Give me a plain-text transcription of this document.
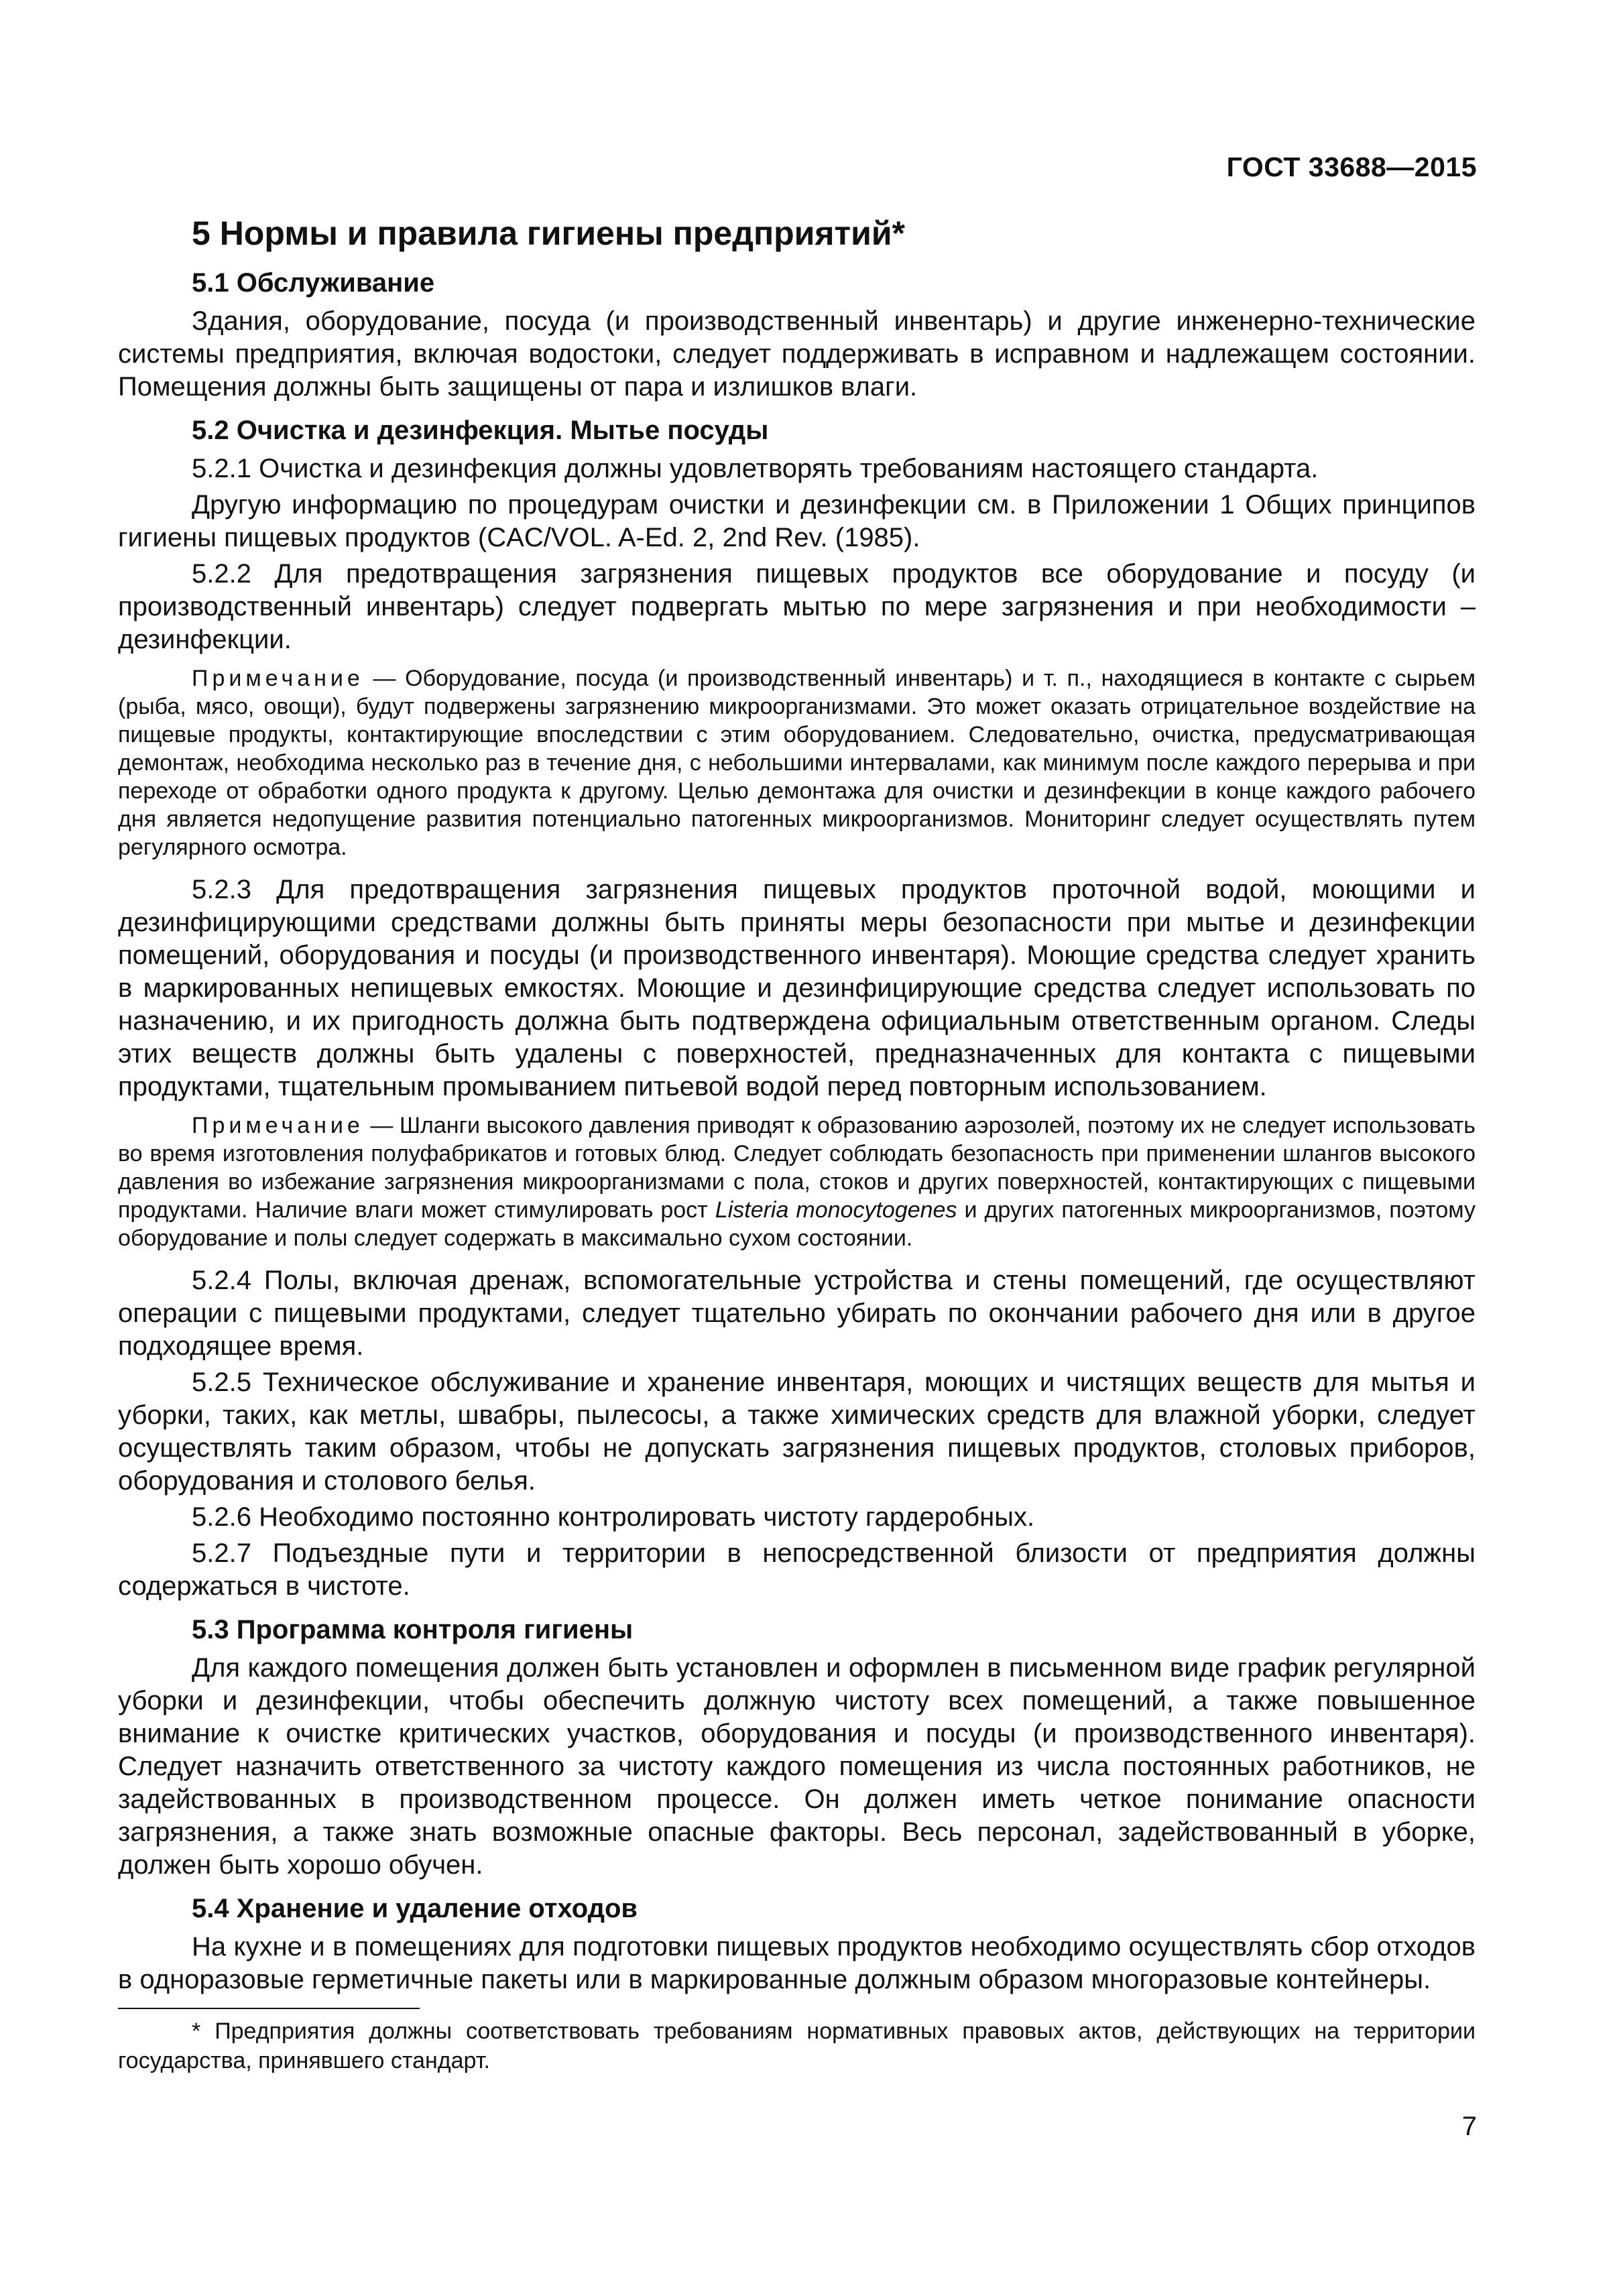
ГОСТ 33688—2015
5 Нормы и правила гигиены предприятий*
5.1 Обслуживание

Здания, оборудование, посуда (и производственный инвентарь) и другие инженерно-технические системы предприятия, включая водостоки, следует поддерживать в исправном и надлежащем состоянии. Помещения должны быть защищены от пара и излишков влаги.

5.2 Очистка и дезинфекция. Мытье посуды

5.2.1 Очистка и дезинфекция должны удовлетворять требованиям настоящего стандарта.

Другую информацию по процедурам очистки и дезинфекции см. в Приложении 1 Общих принципов гигиены пищевых продуктов (CAC/VOL. A-Ed. 2, 2nd Rev. (1985).

5.2.2 Для предотвращения загрязнения пищевых продуктов все оборудование и посуду (и производственный инвентарь) следует подвергать мытью по мере загрязнения и при необходимости – дезинфекции.

Примечание — Оборудование, посуда (и производственный инвентарь) и т. п., находящиеся в контакте с сырьем (рыба, мясо, овощи), будут подвержены загрязнению микроорганизмами. Это может оказать отрицательное воздействие на пищевые продукты, контактирующие впоследствии с этим оборудованием. Следовательно, очистка, предусматривающая демонтаж, необходима несколько раз в течение дня, с небольшими интервалами, как минимум после каждого перерыва и при переходе от обработки одного продукта к другому. Целью демонтажа для очистки и дезинфекции в конце каждого рабочего дня является недопущение развития потенциально патогенных микроорганизмов. Мониторинг следует осуществлять путем регулярного осмотра.

5.2.3 Для предотвращения загрязнения пищевых продуктов проточной водой, моющими и дезинфицирующими средствами должны быть приняты меры безопасности при мытье и дезинфекции помещений, оборудования и посуды (и производственного инвентаря). Моющие средства следует хранить в маркированных непищевых емкостях. Моющие и дезинфицирующие средства следует использовать по назначению, и их пригодность должна быть подтверждена официальным ответственным органом. Следы этих веществ должны быть удалены с поверхностей, предназначенных для контакта с пищевыми продуктами, тщательным промыванием питьевой водой перед повторным использованием.

Примечание — Шланги высокого давления приводят к образованию аэрозолей, поэтому их не следует использовать во время изготовления полуфабрикатов и готовых блюд. Следует соблюдать безопасность при применении шлангов высокого давления во избежание загрязнения микроорганизмами с пола, стоков и других поверхностей, контактирующих с пищевыми продуктами. Наличие влаги может стимулировать рост Listeria monocytogenes и других патогенных микроорганизмов, поэтому оборудование и полы следует содержать в максимально сухом состоянии.

5.2.4 Полы, включая дренаж, вспомогательные устройства и стены помещений, где осуществляют операции с пищевыми продуктами, следует тщательно убирать по окончании рабочего дня или в другое подходящее время.

5.2.5 Техническое обслуживание и хранение инвентаря, моющих и чистящих веществ для мытья и уборки, таких, как метлы, швабры, пылесосы, а также химических средств для влажной уборки, следует осуществлять таким образом, чтобы не допускать загрязнения пищевых продуктов, столовых приборов, оборудования и столового белья.

5.2.6 Необходимо постоянно контролировать чистоту гардеробных.

5.2.7 Подъездные пути и территории в непосредственной близости от предприятия должны содержаться в чистоте.

5.3 Программа контроля гигиены

Для каждого помещения должен быть установлен и оформлен в письменном виде график регулярной уборки и дезинфекции, чтобы обеспечить должную чистоту всех помещений, а также повышенное внимание к очистке критических участков, оборудования и посуды (и производственного инвентаря). Следует назначить ответственного за чистоту каждого помещения из числа постоянных работников, не задействованных в производственном процессе. Он должен иметь четкое понимание опасности загрязнения, а также знать возможные опасные факторы. Весь персонал, задействованный в уборке, должен быть хорошо обучен.

5.4 Хранение и удаление отходов

На кухне и в помещениях для подготовки пищевых продуктов необходимо осуществлять сбор отходов в одноразовые герметичные пакеты или в маркированные должным образом многоразовые контейнеры.

* Предприятия должны соответствовать требованиям нормативных правовых актов, действующих на территории государства, принявшего стандарт.

7
